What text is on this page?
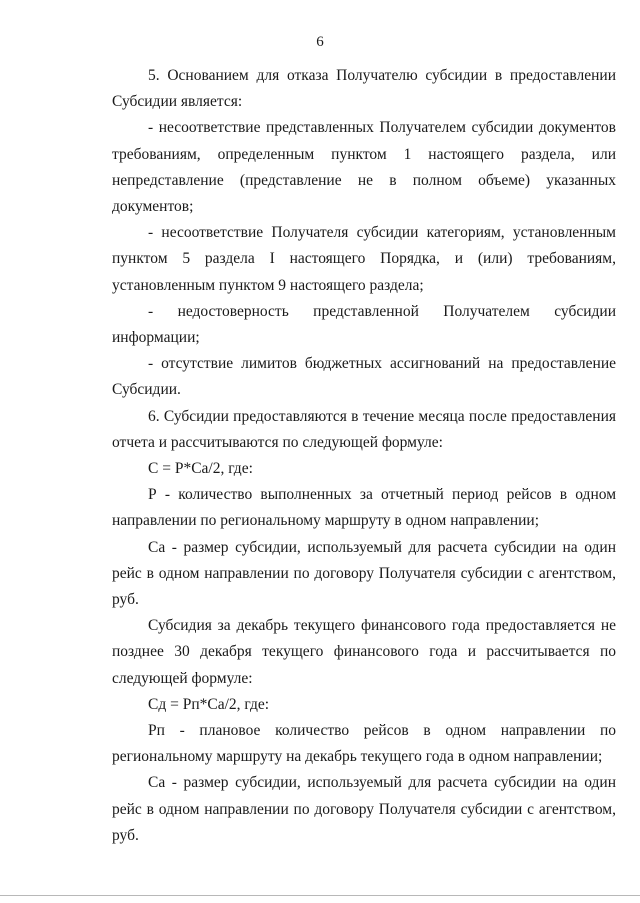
6

5. Основанием для отказа Получателю субсидии в предоставлении Субсидии является:

- несоответствие представленных Получателем субсидии документов требованиям, определенным пунктом 1 настоящего раздела, или непредставление (представление не в полном объеме) указанных документов;

- несоответствие Получателя субсидии категориям, установленным пунктом 5 раздела I настоящего Порядка, и (или) требованиям, установленным пунктом 9 настоящего раздела;

- недостоверность представленной Получателем субсидии информации;

- отсутствие лимитов бюджетных ассигнований на предоставление Субсидии.

6. Субсидии предоставляются в течение месяца после предоставления отчета и рассчитываются по следующей формуле:

С = Р*Са/2, где:

Р - количество выполненных за отчетный период рейсов в одном направлении по региональному маршруту в одном направлении;

Са - размер субсидии, используемый для расчета субсидии на один рейс в одном направлении по договору Получателя субсидии с агентством, руб.

Субсидия за декабрь текущего финансового года предоставляется не позднее 30 декабря текущего финансового года и рассчитывается по следующей формуле:

Сд = Рп*Са/2, где:

Рп - плановое количество рейсов в одном направлении по региональному маршруту на декабрь текущего года в одном направлении;

Са - размер субсидии, используемый для расчета субсидии на один рейс в одном направлении по договору Получателя субсидии с агентством, руб.
